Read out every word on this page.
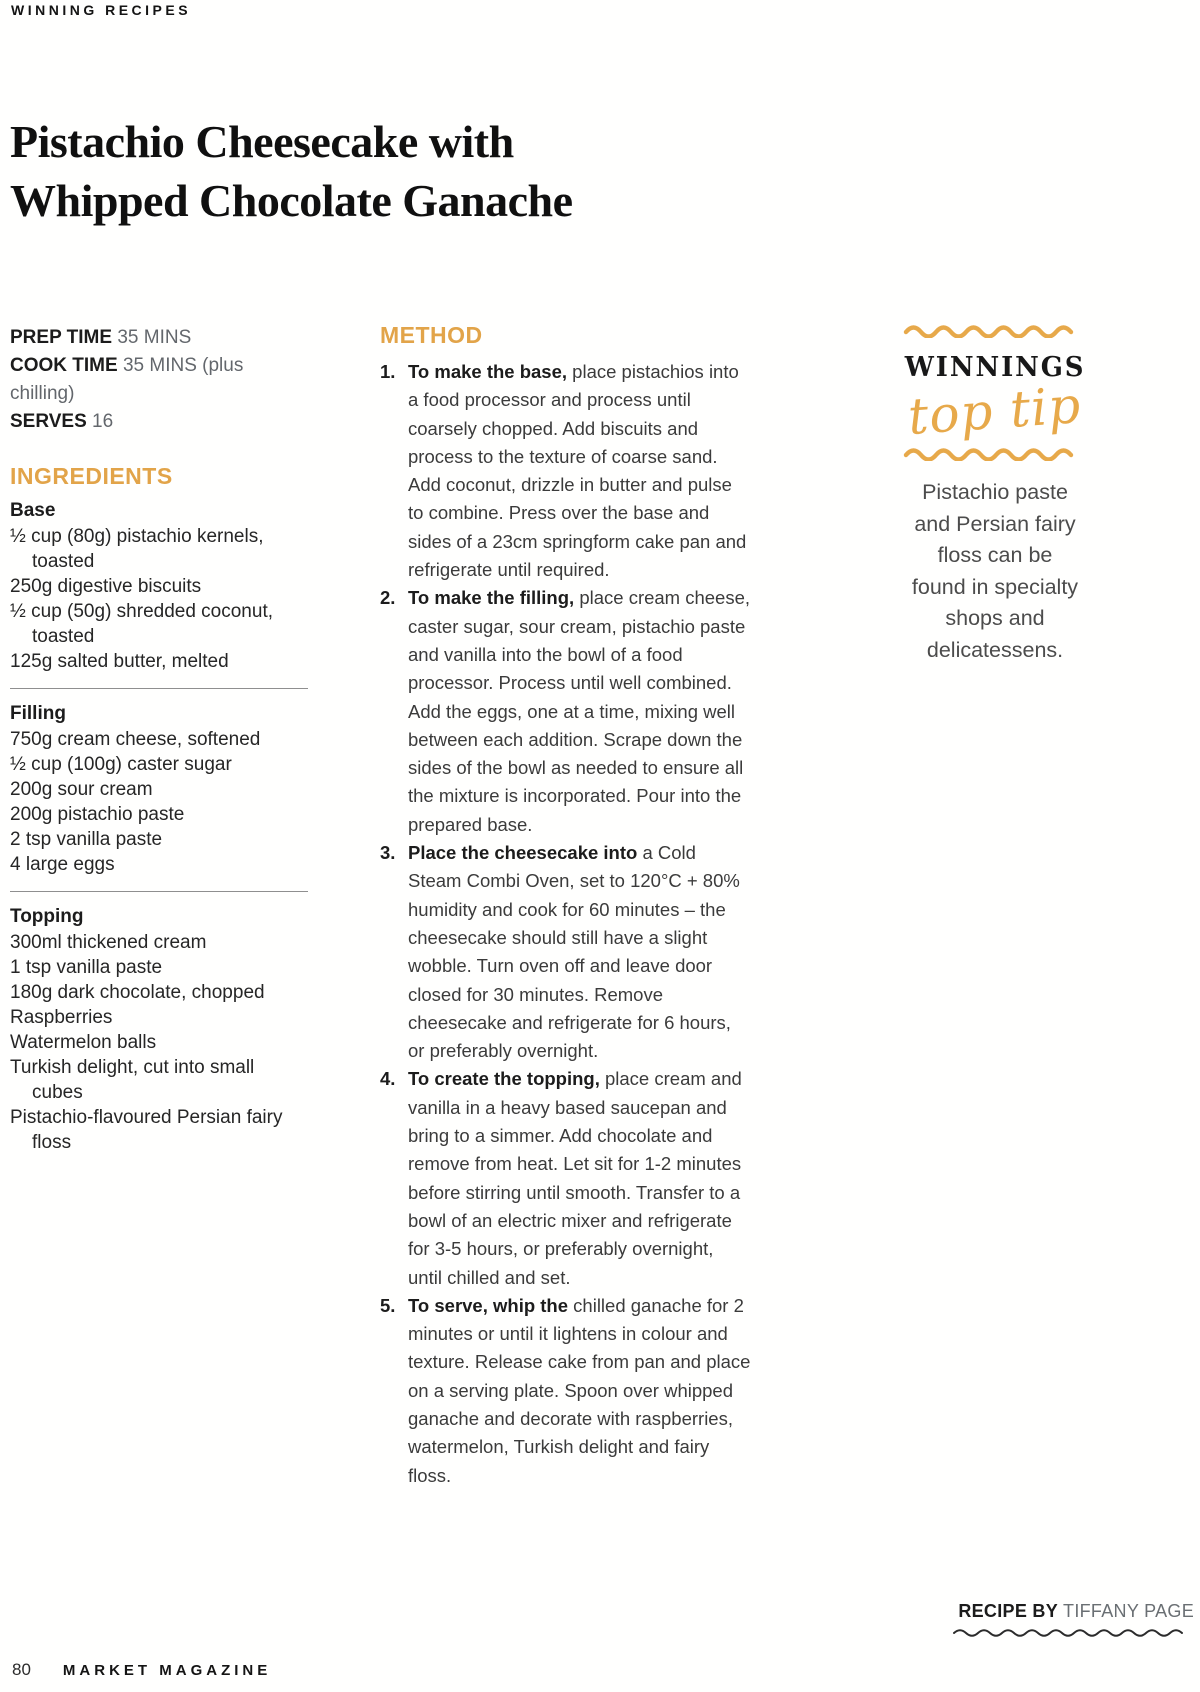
WINNING RECIPES
Pistachio Cheesecake with
Whipped Chocolate Ganache

PREP TIME 35 MINS

COOK TIME 35 MINS (plus chilling)

SERVES 16

INGREDIENTS
Base
½ cup (80g) pistachio kernels, toasted
250g digestive biscuits
½ cup (50g) shredded coconut, toasted
125g salted butter, melted
Filling
750g cream cheese, softened
½ cup (100g) caster sugar
200g sour cream
200g pistachio paste
2 tsp vanilla paste
4 large eggs
Topping
300ml thickened cream
1 tsp vanilla paste
180g dark chocolate, chopped
Raspberries
Watermelon balls
Turkish delight, cut into small cubes
Pistachio-flavoured Persian fairy floss
METHOD
1. To make the base, place pistachios into a food processor and process until coarsely chopped. Add biscuits and process to the texture of coarse sand. Add coconut, drizzle in butter and pulse to combine. Press over the base and sides of a 23cm springform cake pan and refrigerate until required.
2. To make the filling, place cream cheese, caster sugar, sour cream, pistachio paste and vanilla into the bowl of a food processor. Process until well combined. Add the eggs, one at a time, mixing well between each addition. Scrape down the sides of the bowl as needed to ensure all the mixture is incorporated. Pour into the prepared base.
3. Place the cheesecake into a Cold Steam Combi Oven, set to 120°C + 80% humidity and cook for 60 minutes – the cheesecake should still have a slight wobble. Turn oven off and leave door closed for 30 minutes. Remove cheesecake and refrigerate for 6 hours, or preferably overnight.
4. To create the topping, place cream and vanilla in a heavy based saucepan and bring to a simmer. Add chocolate and remove from heat. Let sit for 1-2 minutes before stirring until smooth. Transfer to a bowl of an electric mixer and refrigerate for 3-5 hours, or preferably overnight, until chilled and set.
5. To serve, whip the chilled ganache for 2 minutes or until it lightens in colour and texture. Release cake from pan and place on a serving plate. Spoon over whipped ganache and decorate with raspberries, watermelon, Turkish delight and fairy floss.
WINNINGS
top tip
Pistachio paste
and Persian fairy
floss can be
found in specialty
shops and
delicatessens.
RECIPE BY TIFFANY PAGE
80 MARKET MAGAZINE
